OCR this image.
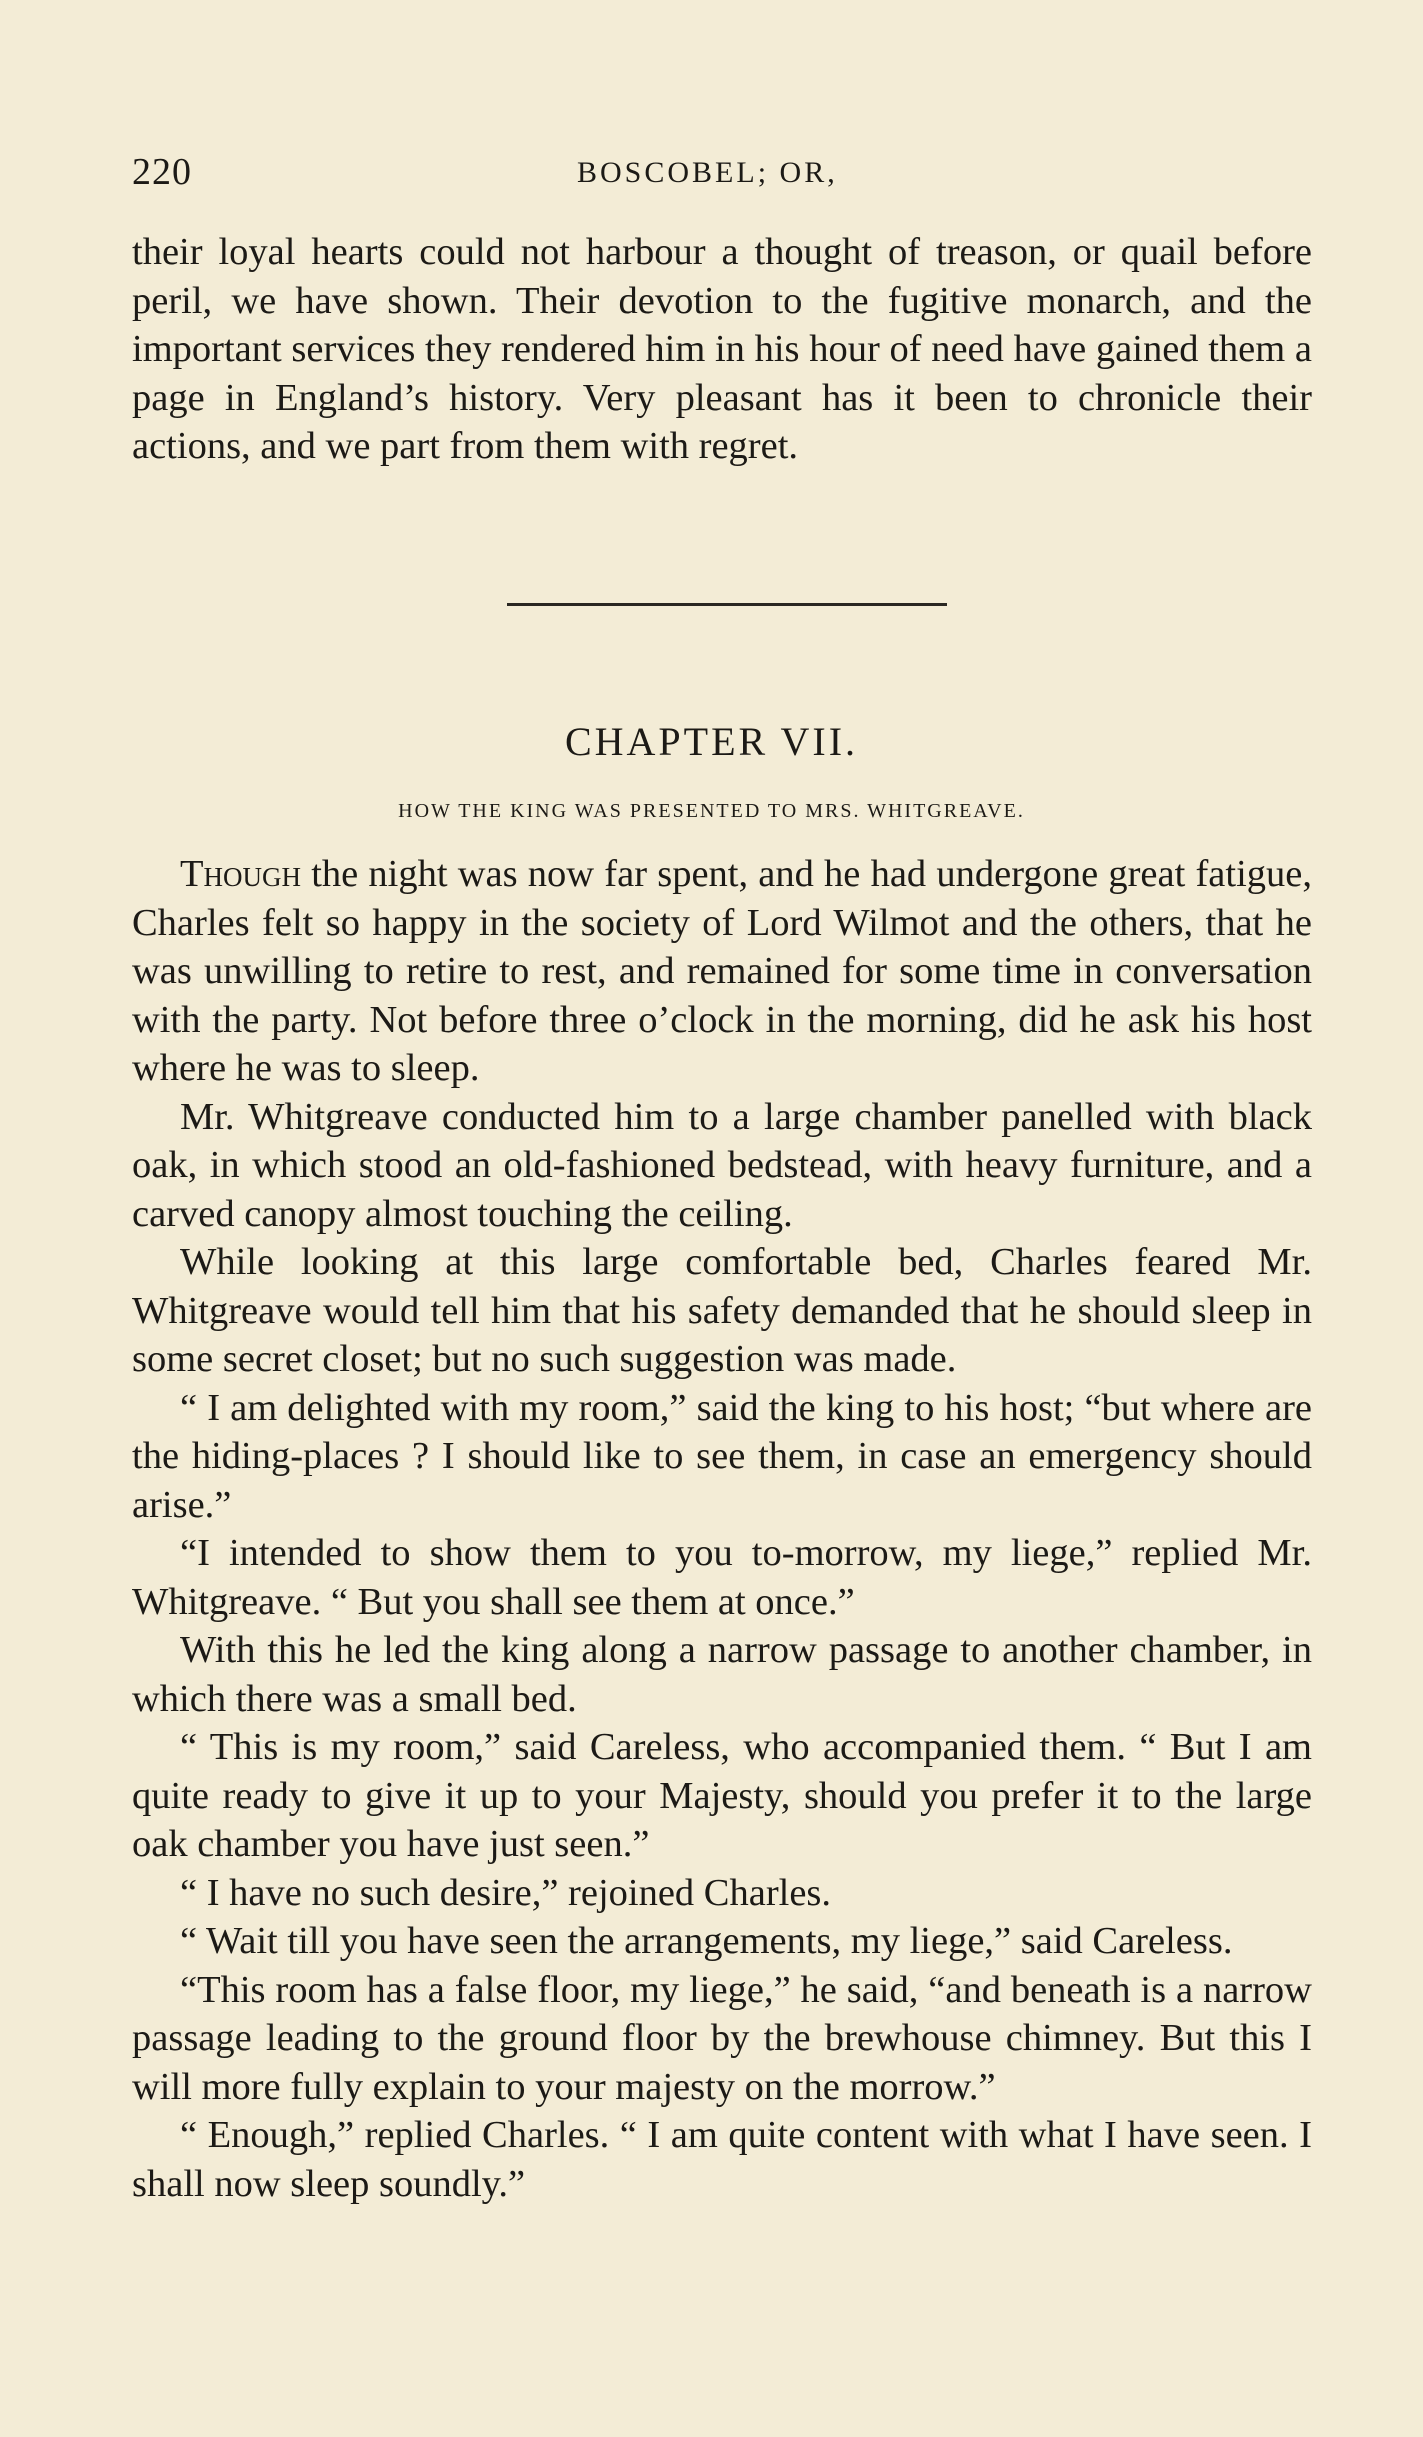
220	BOSCOBEL; OR,

their loyal hearts could not harbour a thought of treason, or quail before peril, we have shown. Their devotion to the fugitive monarch, and the important services they rendered him in his hour of need have gained them a page in England’s history. Very pleasant has it been to chronicle their actions, and we part from them with regret.

CHAPTER VII.
HOW THE KING WAS PRESENTED TO MRS. WHITGREAVE.

Though the night was now far spent, and he had undergone great fatigue, Charles felt so happy in the society of Lord Wilmot and the others, that he was unwilling to retire to rest, and remained for some time in conversation with the party. Not before three o’clock in the morning, did he ask his host where he was to sleep.

Mr. Whitgreave conducted him to a large chamber panelled with black oak, in which stood an old-fashioned bedstead, with heavy furniture, and a carved canopy almost touching the ceiling.

While looking at this large comfortable bed, Charles feared Mr. Whitgreave would tell him that his safety demanded that he should sleep in some secret closet; but no such suggestion was made.

“ I am delighted with my room,” said the king to his host; “but where are the hiding-places ? I should like to see them, in case an emergency should arise.”

“I intended to show them to you to-morrow, my liege,” replied Mr. Whitgreave. “ But you shall see them at once.”

With this he led the king along a narrow passage to another chamber, in which there was a small bed.

“ This is my room,” said Careless, who accompanied them. “ But I am quite ready to give it up to your Majesty, should you prefer it to the large oak chamber you have just seen.”

“ I have no such desire,” rejoined Charles.

“ Wait till you have seen the arrangements, my liege,” said Careless.

“This room has a false floor, my liege,” he said, “and beneath is a narrow passage leading to the ground floor by the brewhouse chimney. But this I will more fully explain to your majesty on the morrow.”

“ Enough,” replied Charles. “ I am quite content with what I have seen. I shall now sleep soundly.”
